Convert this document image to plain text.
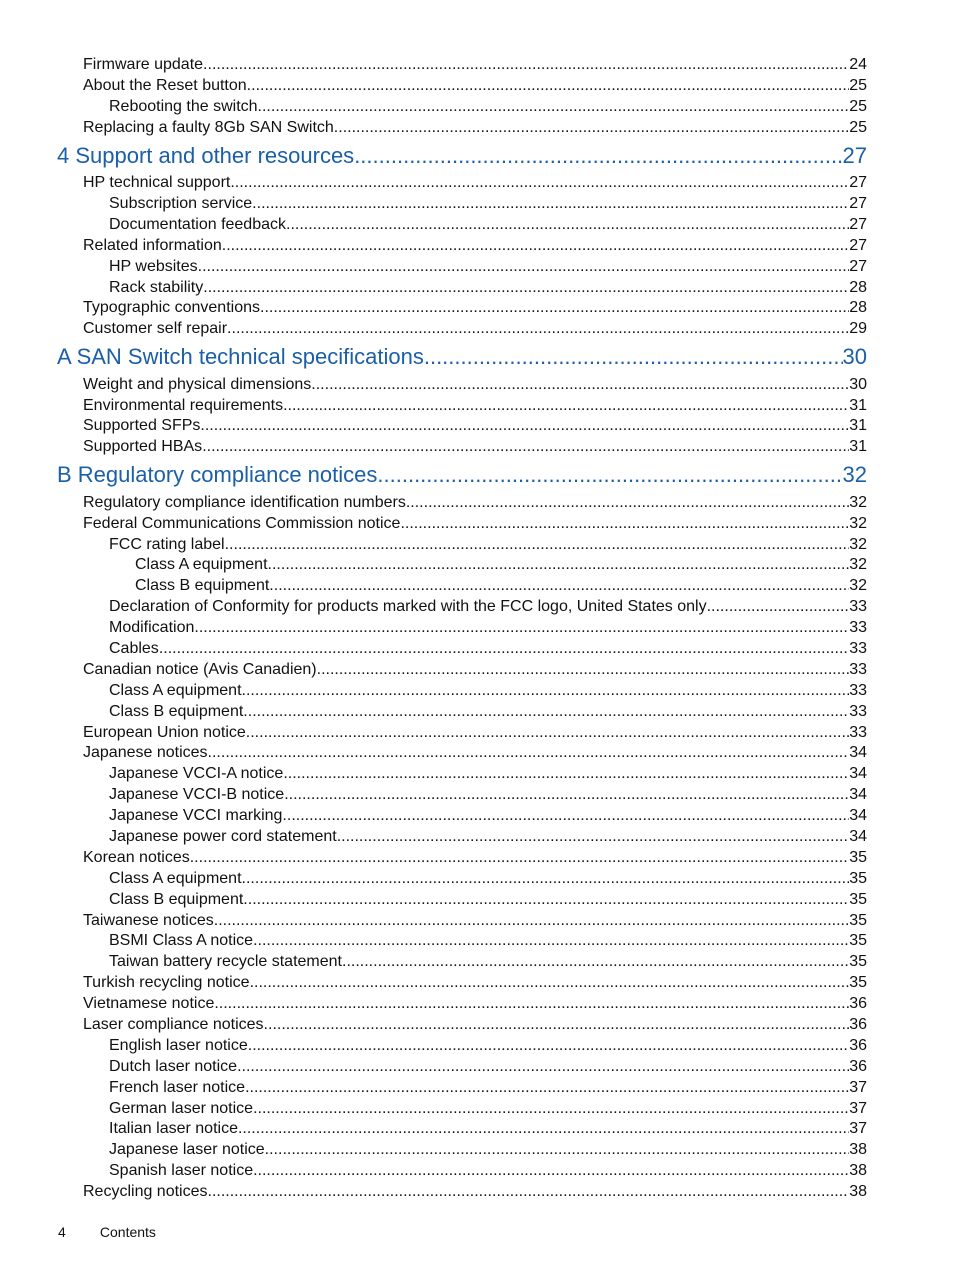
Firmware update .....	24
About the Reset button .....	25
Rebooting the switch .....	25
Replacing a faulty 8Gb SAN Switch .....	25
4 Support and other resources .....	27
HP technical support .....	27
Subscription service .....	27
Documentation feedback .....	27
Related information .....	27
HP websites .....	27
Rack stability .....	28
Typographic conventions .....	28
Customer self repair .....	29
A SAN Switch technical specifications .....	30
Weight and physical dimensions .....	30
Environmental requirements .....	31
Supported SFPs .....	31
Supported HBAs .....	31
B Regulatory compliance notices .....	32
Regulatory compliance identification numbers .....	32
Federal Communications Commission notice .....	32
FCC rating label .....	32
Class A equipment .....	32
Class B equipment .....	32
Declaration of Conformity for products marked with the FCC logo, United States only .....	33
Modification .....	33
Cables .....	33
Canadian notice (Avis Canadien) .....	33
Class A equipment .....	33
Class B equipment .....	33
European Union notice .....	33
Japanese notices .....	34
Japanese VCCI-A notice .....	34
Japanese VCCI-B notice .....	34
Japanese VCCI marking .....	34
Japanese power cord statement .....	34
Korean notices .....	35
Class A equipment .....	35
Class B equipment .....	35
Taiwanese notices .....	35
BSMI Class A notice .....	35
Taiwan battery recycle statement .....	35
Turkish recycling notice .....	35
Vietnamese notice .....	36
Laser compliance notices .....	36
English laser notice .....	36
Dutch laser notice .....	36
French laser notice .....	37
German laser notice .....	37
Italian laser notice .....	37
Japanese laser notice .....	38
Spanish laser notice .....	38
Recycling notices .....	38
4 Contents
